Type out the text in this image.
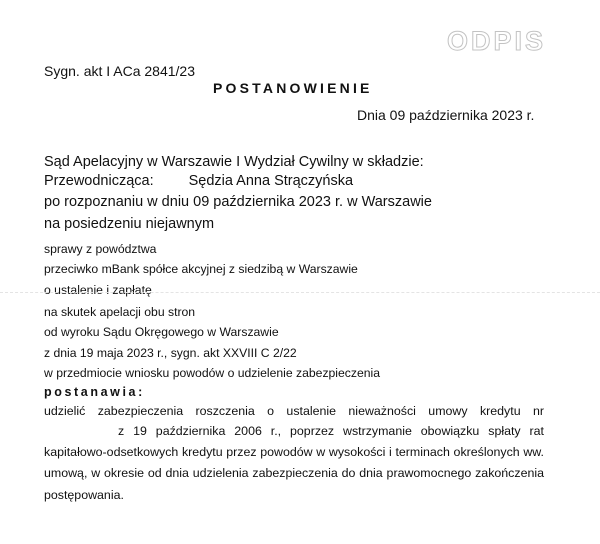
ODPIS
Sygn. akt I ACa 2841/23
POSTANOWIENIE
Dnia 09 października 2023 r.
Sąd Apelacyjny w Warszawie I Wydział Cywilny w składzie:
Przewodnicząca: Sędzia Anna Strączyńska
po rozpoznaniu w dniu 09 października 2023 r. w Warszawie
na posiedzeniu niejawnym
sprawy z powództwa
przeciwko mBank spółce akcyjnej z siedzibą w Warszawie
o ustalenie i zapłatę
na skutek apelacji obu stron
od wyroku Sądu Okręgowego w Warszawie
z dnia 19 maja 2023 r., sygn. akt XXVIII C 2/22
w przedmiocie wniosku powodów o udzielenie zabezpieczenia
postanawia:
udzielić zabezpieczenia roszczenia o ustalenie nieważności umowy kredytu nr
z 19 października 2006 r., poprzez wstrzymanie obowiązku spłaty rat
kapitałowo-odsetkowych kredytu przez powodów w wysokości i terminach określonych ww.
umową, w okresie od dnia udzielenia zabezpieczenia do dnia prawomocnego zakończenia
postępowania.
